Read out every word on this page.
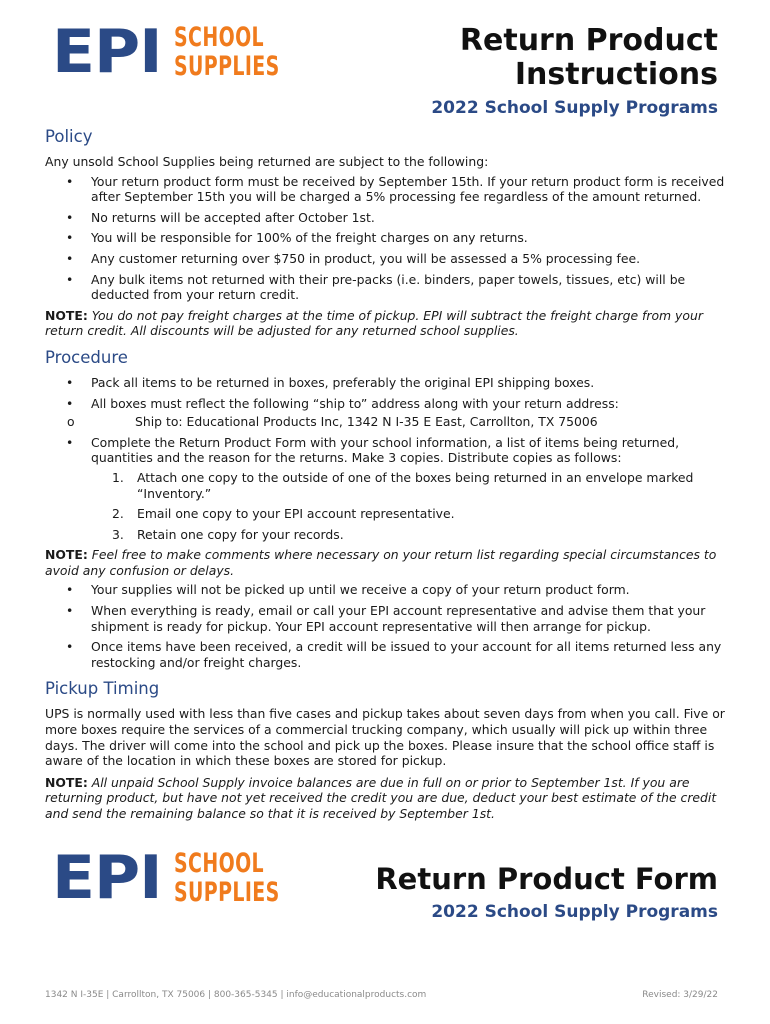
EPI SCHOOL
SUPPLIES
Return Product
Instructions
2022 School Supply Programs
Policy

Any unsold School Supplies being returned are subject to the following:

• Your return product form must be received by September 15th. If your return product form is received after September 15th you will be charged a 5% processing fee regardless of the amount returned.
• No returns will be accepted after October 1st.
• You will be responsible for 100% of the freight charges on any returns.
• Any customer returning over $750 in product, you will be assessed a 5% processing fee.
• Any bulk items not returned with their pre-packs (i.e. binders, paper towels, tissues, etc) will be deducted from your return credit.

NOTE: You do not pay freight charges at the time of pickup. EPI will subtract the freight charge from your return credit. All discounts will be adjusted for any returned school supplies.

Procedure
• Pack all items to be returned in boxes, preferably the original EPI shipping boxes.
• All boxes must reflect the following “ship to” address along with your return address:
o Ship to: Educational Products Inc, 1342 N I-35 E East, Carrollton, TX 75006
• Complete the Return Product Form with your school information, a list of items being returned, quantities and the reason for the returns. Make 3 copies. Distribute copies as follows:
1. Attach one copy to the outside of one of the boxes being returned in an envelope marked “Inventory.”
2. Email one copy to your EPI account representative.
3. Retain one copy for your records.

NOTE: Feel free to make comments where necessary on your return list regarding special circumstances to avoid any confusion or delays.

• Your supplies will not be picked up until we receive a copy of your return product form.
• When everything is ready, email or call your EPI account representative and advise them that your shipment is ready for pickup. Your EPI account representative will then arrange for pickup.
• Once items have been received, a credit will be issued to your account for all items returned less any restocking and/or freight charges.
Pickup Timing

UPS is normally used with less than five cases and pickup takes about seven days from when you call. Five or more boxes require the services of a commercial trucking company, which usually will pick up within three days. The driver will come into the school and pick up the boxes. Please insure that the school office staff is aware of the location in which these boxes are stored for pickup.

NOTE: All unpaid School Supply invoice balances are due in full on or prior to September 1st. If you are returning product, but have not yet received the credit you are due, deduct your best estimate of the credit and send the remaining balance so that it is received by September 1st.

EPI SCHOOL
SUPPLIES	Return Product Form
2022 School Supply Programs
1342 N I-35E | Carrollton, TX 75006 | 800-365-5345 | info@educationalproducts.com	Revised: 3/29/22
